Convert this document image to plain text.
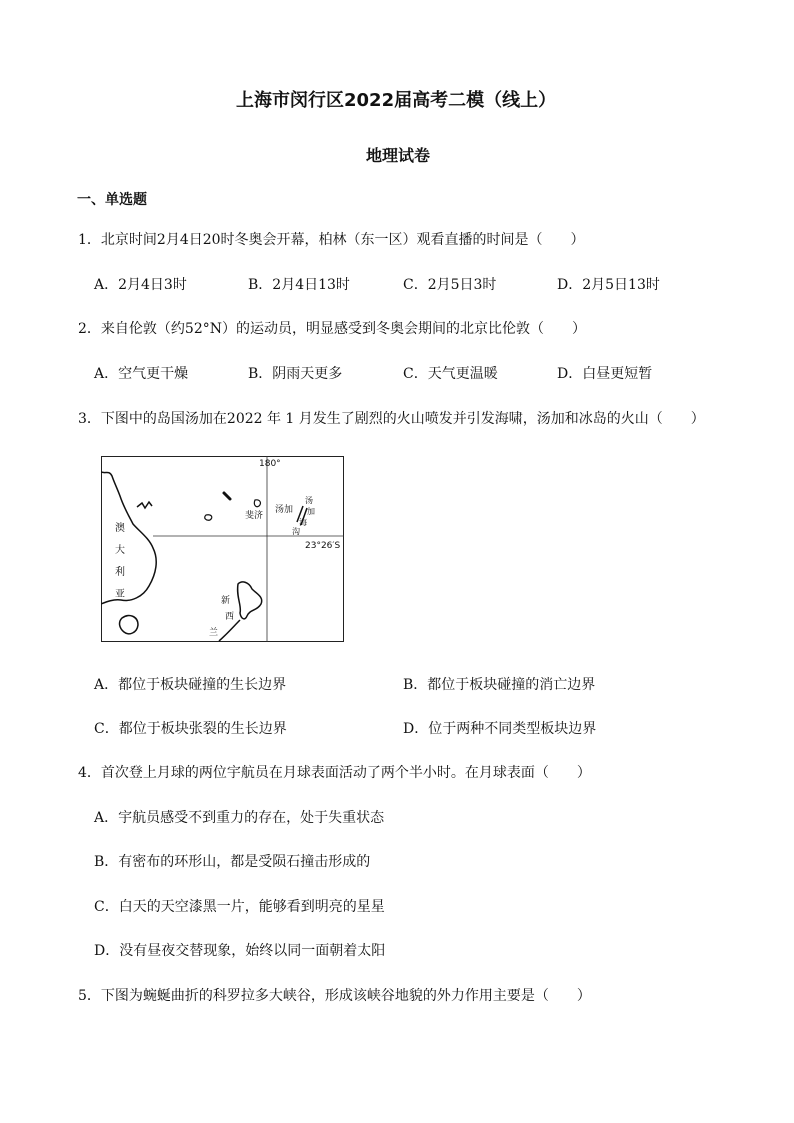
上海市闵行区2022届高考二模（线上）
地理试卷
一、单选题
1．北京时间2月4日20时冬奥会开幕，柏林（东一区）观看直播的时间是（　　）
A．2月4日3时	B．2月4日13时	C．2月5日3时	D．2月5日13时
2．来自伦敦（约52°N）的运动员，明显感受到冬奥会期间的北京比伦敦（　　）
A．空气更干燥	B．阴雨天更多	C．天气更温暖	D．白昼更短暂
3．下图中的岛国汤加在2022 年 1 月发生了剧烈的火山喷发并引发海啸，汤加和冰岛的火山（　　）
180°
23°26′S
澳
大
利
亚
斐济
汤加
汤
加
海
沟
新
西
兰
A．都位于板块碰撞的生长边界	B．都位于板块碰撞的消亡边界
C．都位于板块张裂的生长边界	D．位于两种不同类型板块边界
4．首次登上月球的两位宇航员在月球表面活动了两个半小时。在月球表面（　　）
A．宇航员感受不到重力的存在，处于失重状态
B．有密布的环形山，都是受陨石撞击形成的
C．白天的天空漆黑一片，能够看到明亮的星星
D．没有昼夜交替现象，始终以同一面朝着太阳
5．下图为蜿蜒曲折的科罗拉多大峡谷，形成该峡谷地貌的外力作用主要是（　　）
